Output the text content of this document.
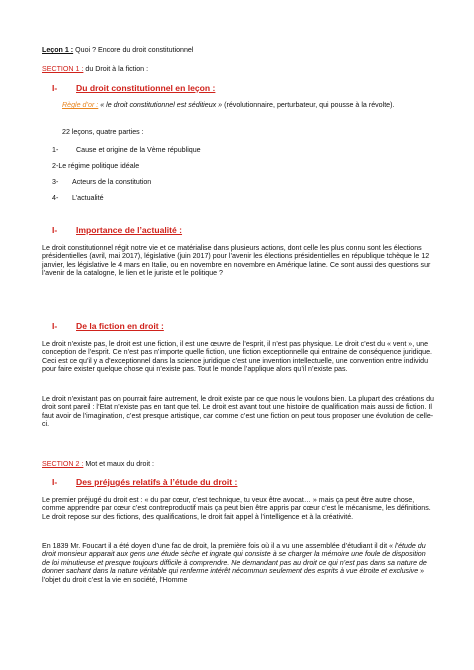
Leçon 1 : Quoi ? Encore du droit constitutionnel
SECTION 1 : du Droit à la fiction :
I- Du droit constitutionnel en leçon :

Règle d’or : « le droit constitutionnel est séditieux » (révolutionnaire, perturbateur, qui pousse à la révolte).

22 leçons, quatre parties :
1- Cause et origine de la Vème république
2-Le régime politique idéale
3- Acteurs de la constitution
4- L’actualité
I- Importance de l’actualité :

Le droit constitutionnel régit notre vie et ce matérialise dans plusieurs actions, dont celle les plus connu sont les élections présidentielles (avril, mai 2017), législative (juin 2017) pour l’avenir les élections présidentielles en république tchèque le 12 janvier, les législative le 4 mars en Italie, ou en novembre en novembre en Amérique latine. Ce sont aussi des questions sur l’avenir de la catalogne, le lien et le juriste et le politique ?

I- De la fiction en droit :

Le droit n’existe pas, le droit est une fiction, il est une œuvre de l’esprit, il n’est pas physique. Le droit c’est du « vent », une conception de l’esprit. Ce n’est pas n’importe quelle fiction, une fiction exceptionnelle qui entraine de conséquence juridique. Ceci est ce qu’il y a d’exceptionnel dans la science juridique c’est une invention intellectuelle, une convention entre individu pour faire exister quelque chose qui n’existe pas. Tout le monde l’applique alors qu’il n’existe pas.

Le droit n’existant pas on pourrait faire autrement, le droit existe par ce que nous le voulons bien. La plupart des créations du droit sont pareil : l’Etat n’existe pas en tant que tel. Le droit est avant tout une histoire de qualification mais aussi de fiction. Il faut avoir de l’imagination, c’est presque artistique, car comme c’est une fiction on peut tous proposer une évolution de celle-ci.

SECTION 2 : Mot et maux du droit :
I- Des préjugés relatifs à l’étude du droit :

Le premier préjugé du droit est : « du par cœur, c’est technique, tu veux être avocat… » mais ça peut être autre chose, comme apprendre par cœur c’est contreproductif mais ça peut bien être appris par cœur c’est le mécanisme, les définitions. Le droit repose sur des fictions, des qualifications, le droit fait appel à l’intelligence et à la créativité.

En 1839 Mr. Foucart il a été doyen d’une fac de droit, la première fois où il a vu une assemblée d’étudiant il dit « l’étude du droit monsieur apparait aux gens une étude sèche et ingrate qui consiste à se charger la mémoire une foule de disposition de loi minutieuse et presque toujours difficile à comprendre. Ne demandant pas au droit ce qui n’est pas dans sa nature de donner sachant dans la nature véritable qui renferme intérêt nécommun seulement des esprits à vue étroite et exclusive » l’objet du droit c’est la vie en société, l’Homme
